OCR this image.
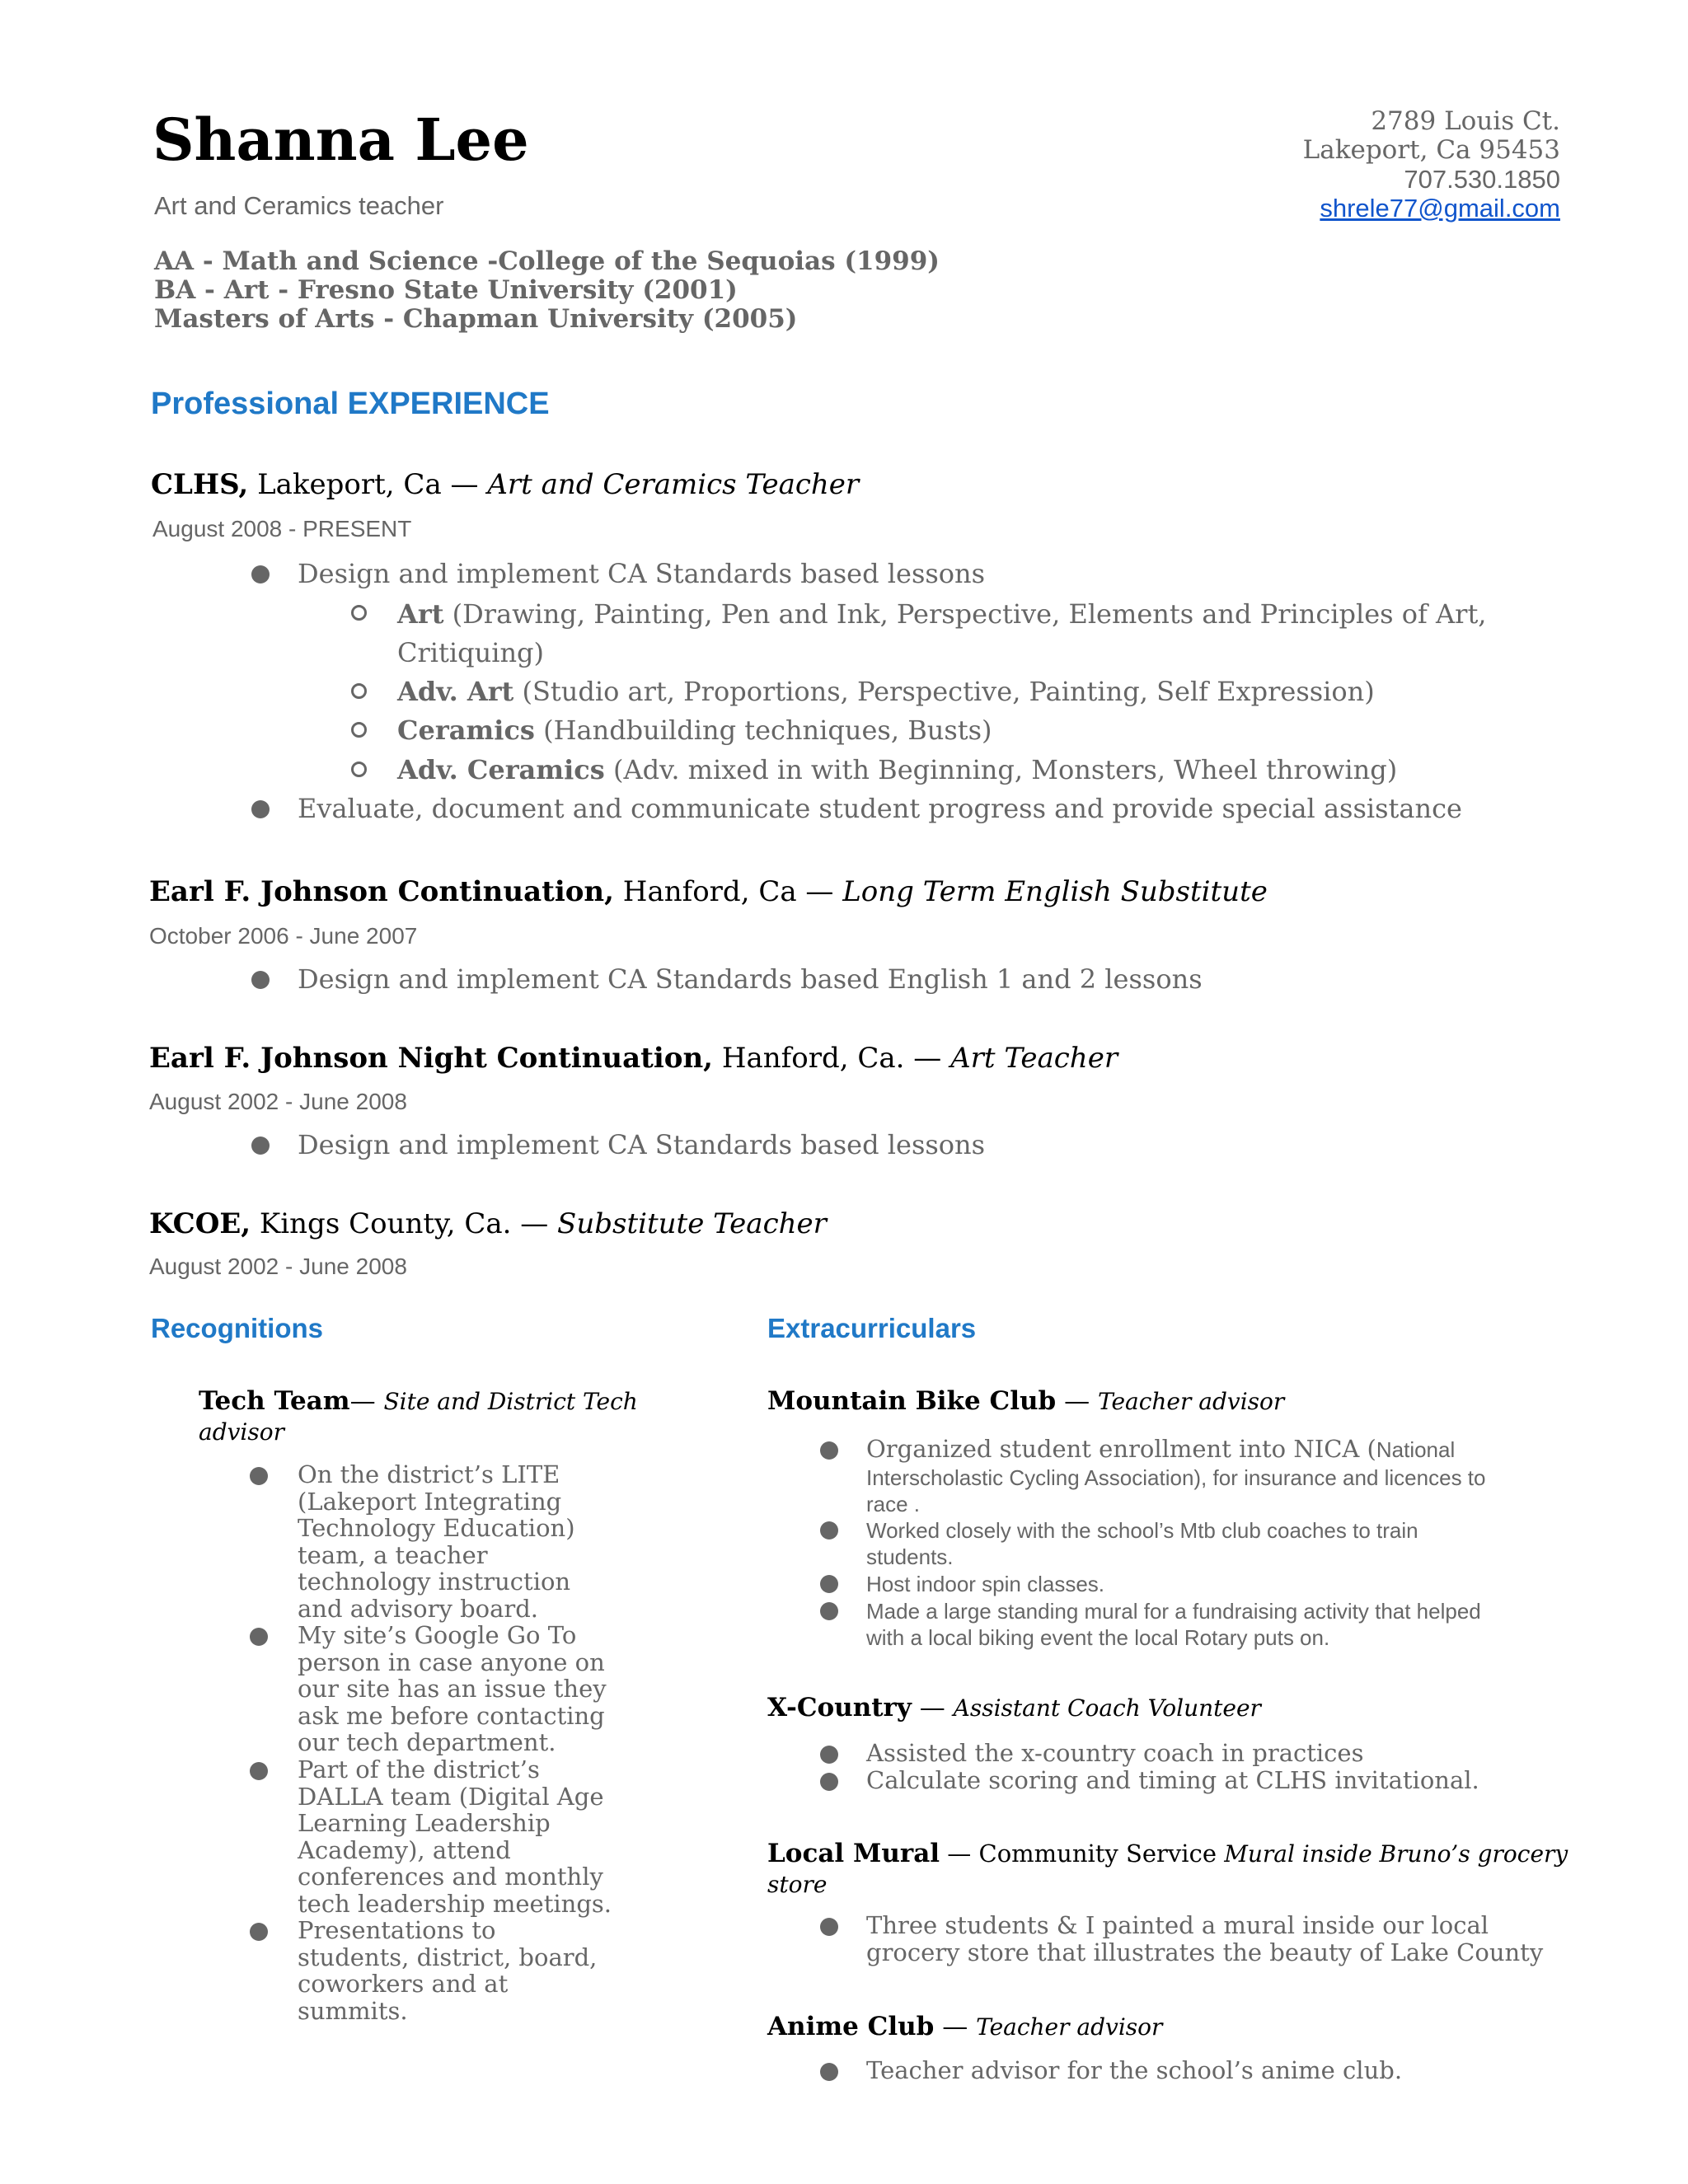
Shanna Lee
Art and Ceramics teacher
2789 Louis Ct.
Lakeport, Ca 95453
707.530.1850
shrele77@gmail.com
AA - Math and Science -College of the Sequoias (1999)
BA - Art - Fresno State University (2001)
Masters of Arts - Chapman University (2005)
Professional EXPERIENCE
CLHS, Lakeport, Ca — Art and Ceramics Teacher
August 2008 - PRESENT
Design and implement CA Standards based lessons
Art (Drawing, Painting, Pen and Ink, Perspective, Elements and Principles of Art,
Critiquing)
Adv. Art (Studio art, Proportions, Perspective, Painting, Self Expression)
Ceramics (Handbuilding techniques, Busts)
Adv. Ceramics (Adv. mixed in with Beginning, Monsters, Wheel throwing)
Evaluate, document and communicate student progress and provide special assistance
Earl F. Johnson Continuation, Hanford, Ca — Long Term English Substitute
October 2006 - June 2007
Design and implement CA Standards based English 1 and 2 lessons
Earl F. Johnson Night Continuation, Hanford, Ca. — Art Teacher
August 2002 - June 2008
Design and implement CA Standards based lessons
KCOE, Kings County, Ca. — Substitute Teacher
August 2002 - June 2008
Recognitions
Tech Team— Site and District Tech
advisor
On the district’s LITE
(Lakeport Integrating
Technology Education)
team, a teacher
technology instruction
and advisory board.
My site’s Google Go To
person in case anyone on
our site has an issue they
ask me before contacting
our tech department.
Part of the district’s
DALLA team (Digital Age
Learning Leadership
Academy), attend
conferences and monthly
tech leadership meetings.
Presentations to
students, district, board,
coworkers and at
summits.
Extracurriculars
Mountain Bike Club — Teacher advisor
Organized student enrollment into NICA (National
Interscholastic Cycling Association), for insurance and licences to
race .
Worked closely with the school’s Mtb club coaches to train
students.
Host indoor spin classes.
Made a large standing mural for a fundraising activity that helped
with a local biking event the local Rotary puts on.
X-Country — Assistant Coach Volunteer
Assisted the x-country coach in practices
Calculate scoring and timing at CLHS invitational.
Local Mural — Community Service Mural inside Bruno’s grocery
store
Three students & I painted a mural inside our local
grocery store that illustrates the beauty of Lake County
Anime Club — Teacher advisor
Teacher advisor for the school’s anime club.
